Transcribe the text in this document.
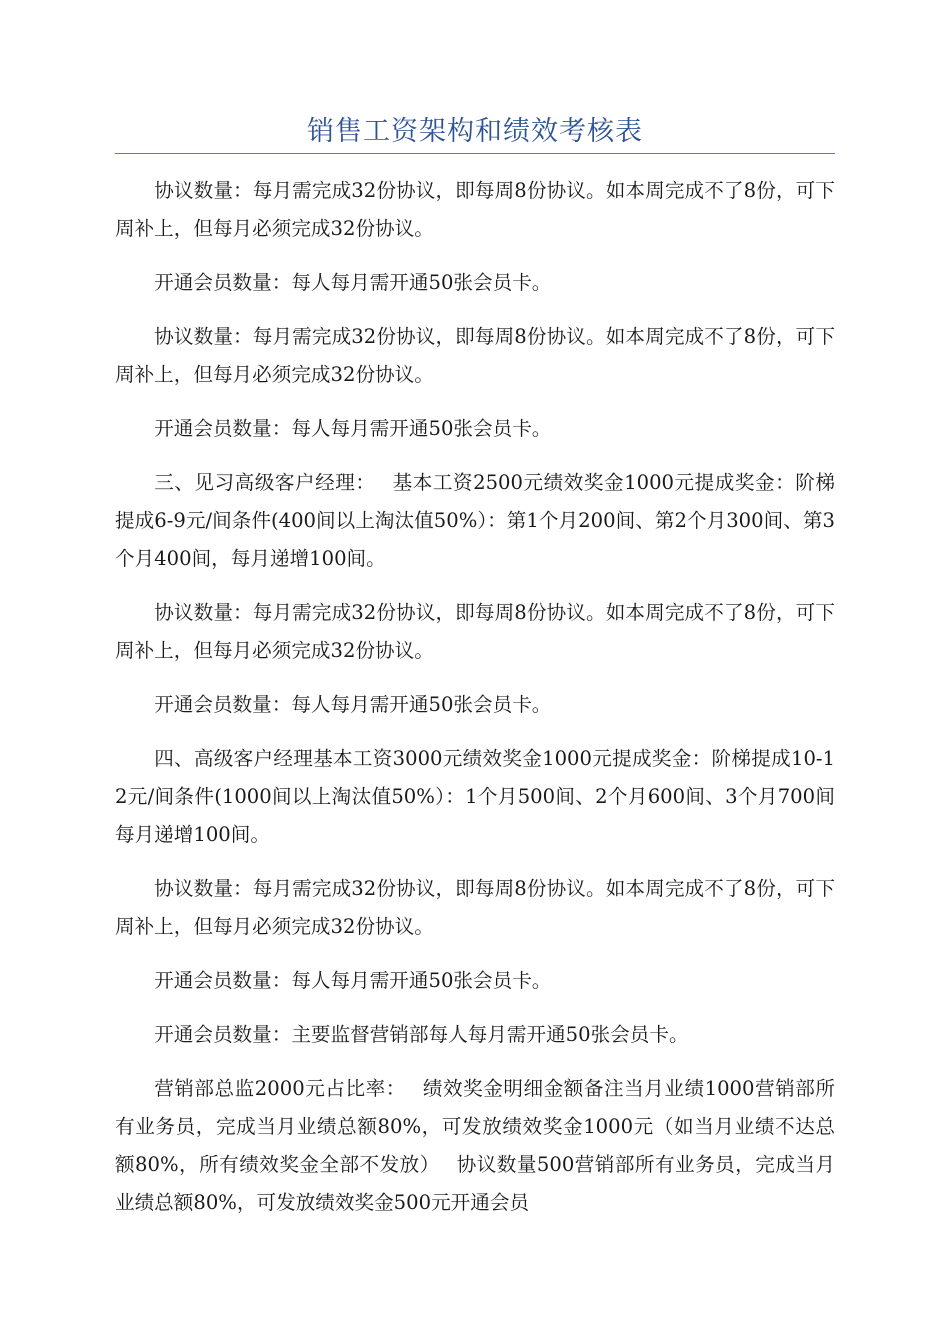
销售工资架构和绩效考核表

协议数量：每月需完成32份协议，即每周8份协议。如本周完成不了8份，可下周补上，但每月必须完成32份协议。

开通会员数量：每人每月需开通50张会员卡。

协议数量：每月需完成32份协议，即每周8份协议。如本周完成不了8份，可下周补上，但每月必须完成32份协议。

开通会员数量：每人每月需开通50张会员卡。

三、见习高级客户经理：　 基本工资2500元绩效奖金1000元提成奖金：阶梯提成6-9元/间条件(400间以上淘汰值50%）：第1个月200间、第2个月300间、第3个月400间，每月递增100间。

协议数量：每月需完成32份协议，即每周8份协议。如本周完成不了8份，可下周补上，但每月必须完成32份协议。

开通会员数量：每人每月需开通50张会员卡。

四、高级客户经理基本工资3000元绩效奖金1000元提成奖金：阶梯提成10-12元/间条件(1000间以上淘汰值50%）：1个月500间、2个月600间、3个月700间每月递增100间。

协议数量：每月需完成32份协议，即每周8份协议。如本周完成不了8份，可下周补上，但每月必须完成32份协议。

开通会员数量：每人每月需开通50张会员卡。

开通会员数量：主要监督营销部每人每月需开通50张会员卡。

营销部总监2000元占比率：　 绩效奖金明细金额备注当月业绩1000营销部所有业务员，完成当月业绩总额80%，可发放绩效奖金1000元（如当月业绩不达总额80%，所有绩效奖金全部不发放）　 协议数量500营销部所有业务员，完成当月业绩总额80%，可发放绩效奖金500元开通会员
